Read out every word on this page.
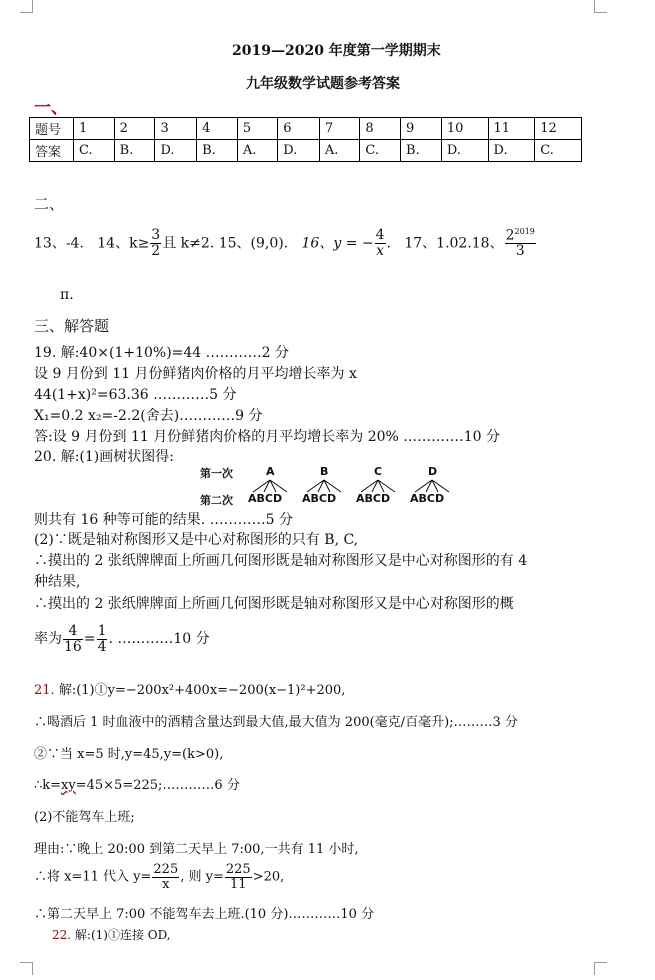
2019—2020 年度第一学期期末
九年级数学试题参考答案
一、
题号	1	2	3	4	5	6	7	8	9	10	11	12
答案	C.	B.	D.	B.	A.	D.	A.	C.	B.	D.	D.	C.
二、
13、-4. 14、$k\ge \frac{3}{2}$ 且 k≠2. 15、(9,0). 16、y = − $\frac{4}{x}$ . 17、1.02.18、 $\frac{2^{2019}}{3}$
π.
三、解答题
19. 解:40×(1+10%)=44 …………2 分
设 9 月份到 11 月份鲜猪肉价格的月平均增长率为 x
44(1+x)²=63.36 …………5 分
X₁=0.2 x₂=-2.2(舍去)…………9 分
答:设 9 月份到 11 月份鲜猪肉价格的月平均增长率为 20% .…………10 分
20. 解:(1)画树状图得:
第一次
第二次
A	B	C	D
ABCD ABCD ABCD ABCD
则共有 16 种等可能的结果. …………5 分
(2)∵既是轴对称图形又是中心对称图形的只有 B, C,
∴摸出的 2 张纸牌牌面上所画几何图形既是轴对称图形又是中心对称图形的有 4
种结果,
∴摸出的 2 张纸牌牌面上所画几何图形既是轴对称图形又是中心对称图形的概
率为 $\frac{4}{16} = \frac{1}{4}$ . …………10 分
21. 解:(1)①y=−200x²+400x=−200(x−1)²+200,
∴喝酒后 1 时血液中的酒精含量达到最大值,最大值为 200(毫克/百毫升);………3 分
②∵当 x=5 时,y=45,y=(k>0),
∴k=xy=45×5=225;…………6 分
(2)不能驾车上班;
理由:∵晚上 20:00 到第二天早上 7:00,一共有 11 小时,
∴将 x=11 代入 $y= \frac{225}{x}$ , 则 $y= \frac{225}{11} >20$,
∴第二天早上 7:00 不能驾车去上班.(10 分)…………10 分
22. 解:(1)①连接 OD,
